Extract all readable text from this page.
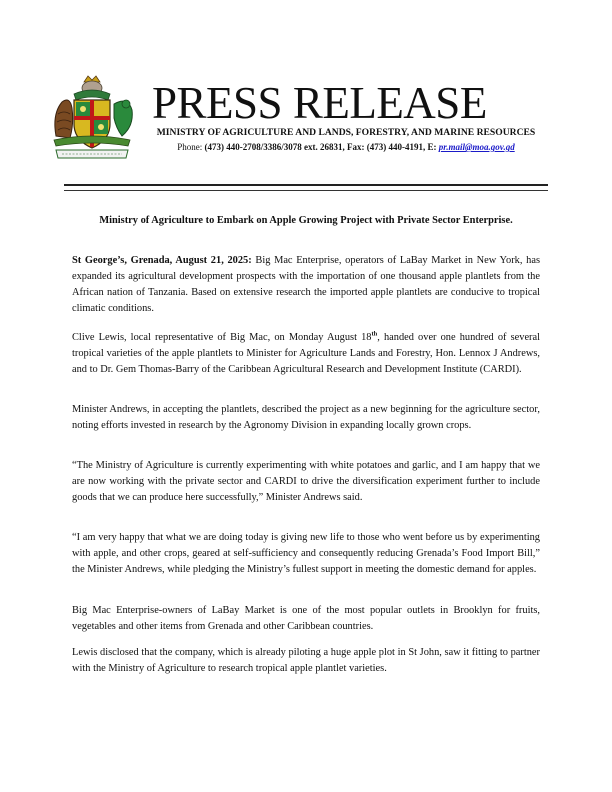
PRESS RELEASE
MINISTRY OF AGRICULTURE AND LANDS, FORESTRY, AND MARINE RESOURCES
Phone: (473) 440-2708/3386/3078 ext. 26831, Fax: (473) 440-4191, E: pr.mail@moa.gov.gd
Ministry of Agriculture to Embark on Apple Growing Project with Private Sector Enterprise.

St George’s, Grenada, August 21, 2025: Big Mac Enterprise, operators of LaBay Market in New York, has expanded its agricultural development prospects with the importation of one thousand apple plantlets from the African nation of Tanzania. Based on extensive research the imported apple plantlets are conducive to tropical climatic conditions.

Clive Lewis, local representative of Big Mac, on Monday August 18th, handed over one hundred of several tropical varieties of the apple plantlets to Minister for Agriculture Lands and Forestry, Hon. Lennox J Andrews, and to Dr. Gem Thomas-Barry of the Caribbean Agricultural Research and Development Institute (CARDI).

Minister Andrews, in accepting the plantlets, described the project as a new beginning for the agriculture sector, noting efforts invested in research by the Agronomy Division in expanding locally grown crops.

“The Ministry of Agriculture is currently experimenting with white potatoes and garlic, and I am happy that we are now working with the private sector and CARDI to drive the diversification experiment further to include goods that we can produce here successfully,” Minister Andrews said.

“I am very happy that what we are doing today is giving new life to those who went before us by experimenting with apple, and other crops, geared at self-sufficiency and consequently reducing Grenada’s Food Import Bill,” the Minister Andrews, while pledging the Ministry’s fullest support in meeting the domestic demand for apples.

Big Mac Enterprise-owners of LaBay Market is one of the most popular outlets in Brooklyn for fruits, vegetables and other items from Grenada and other Caribbean countries.

Lewis disclosed that the company, which is already piloting a huge apple plot in St John, saw it fitting to partner with the Ministry of Agriculture to research tropical apple plantlet varieties.
